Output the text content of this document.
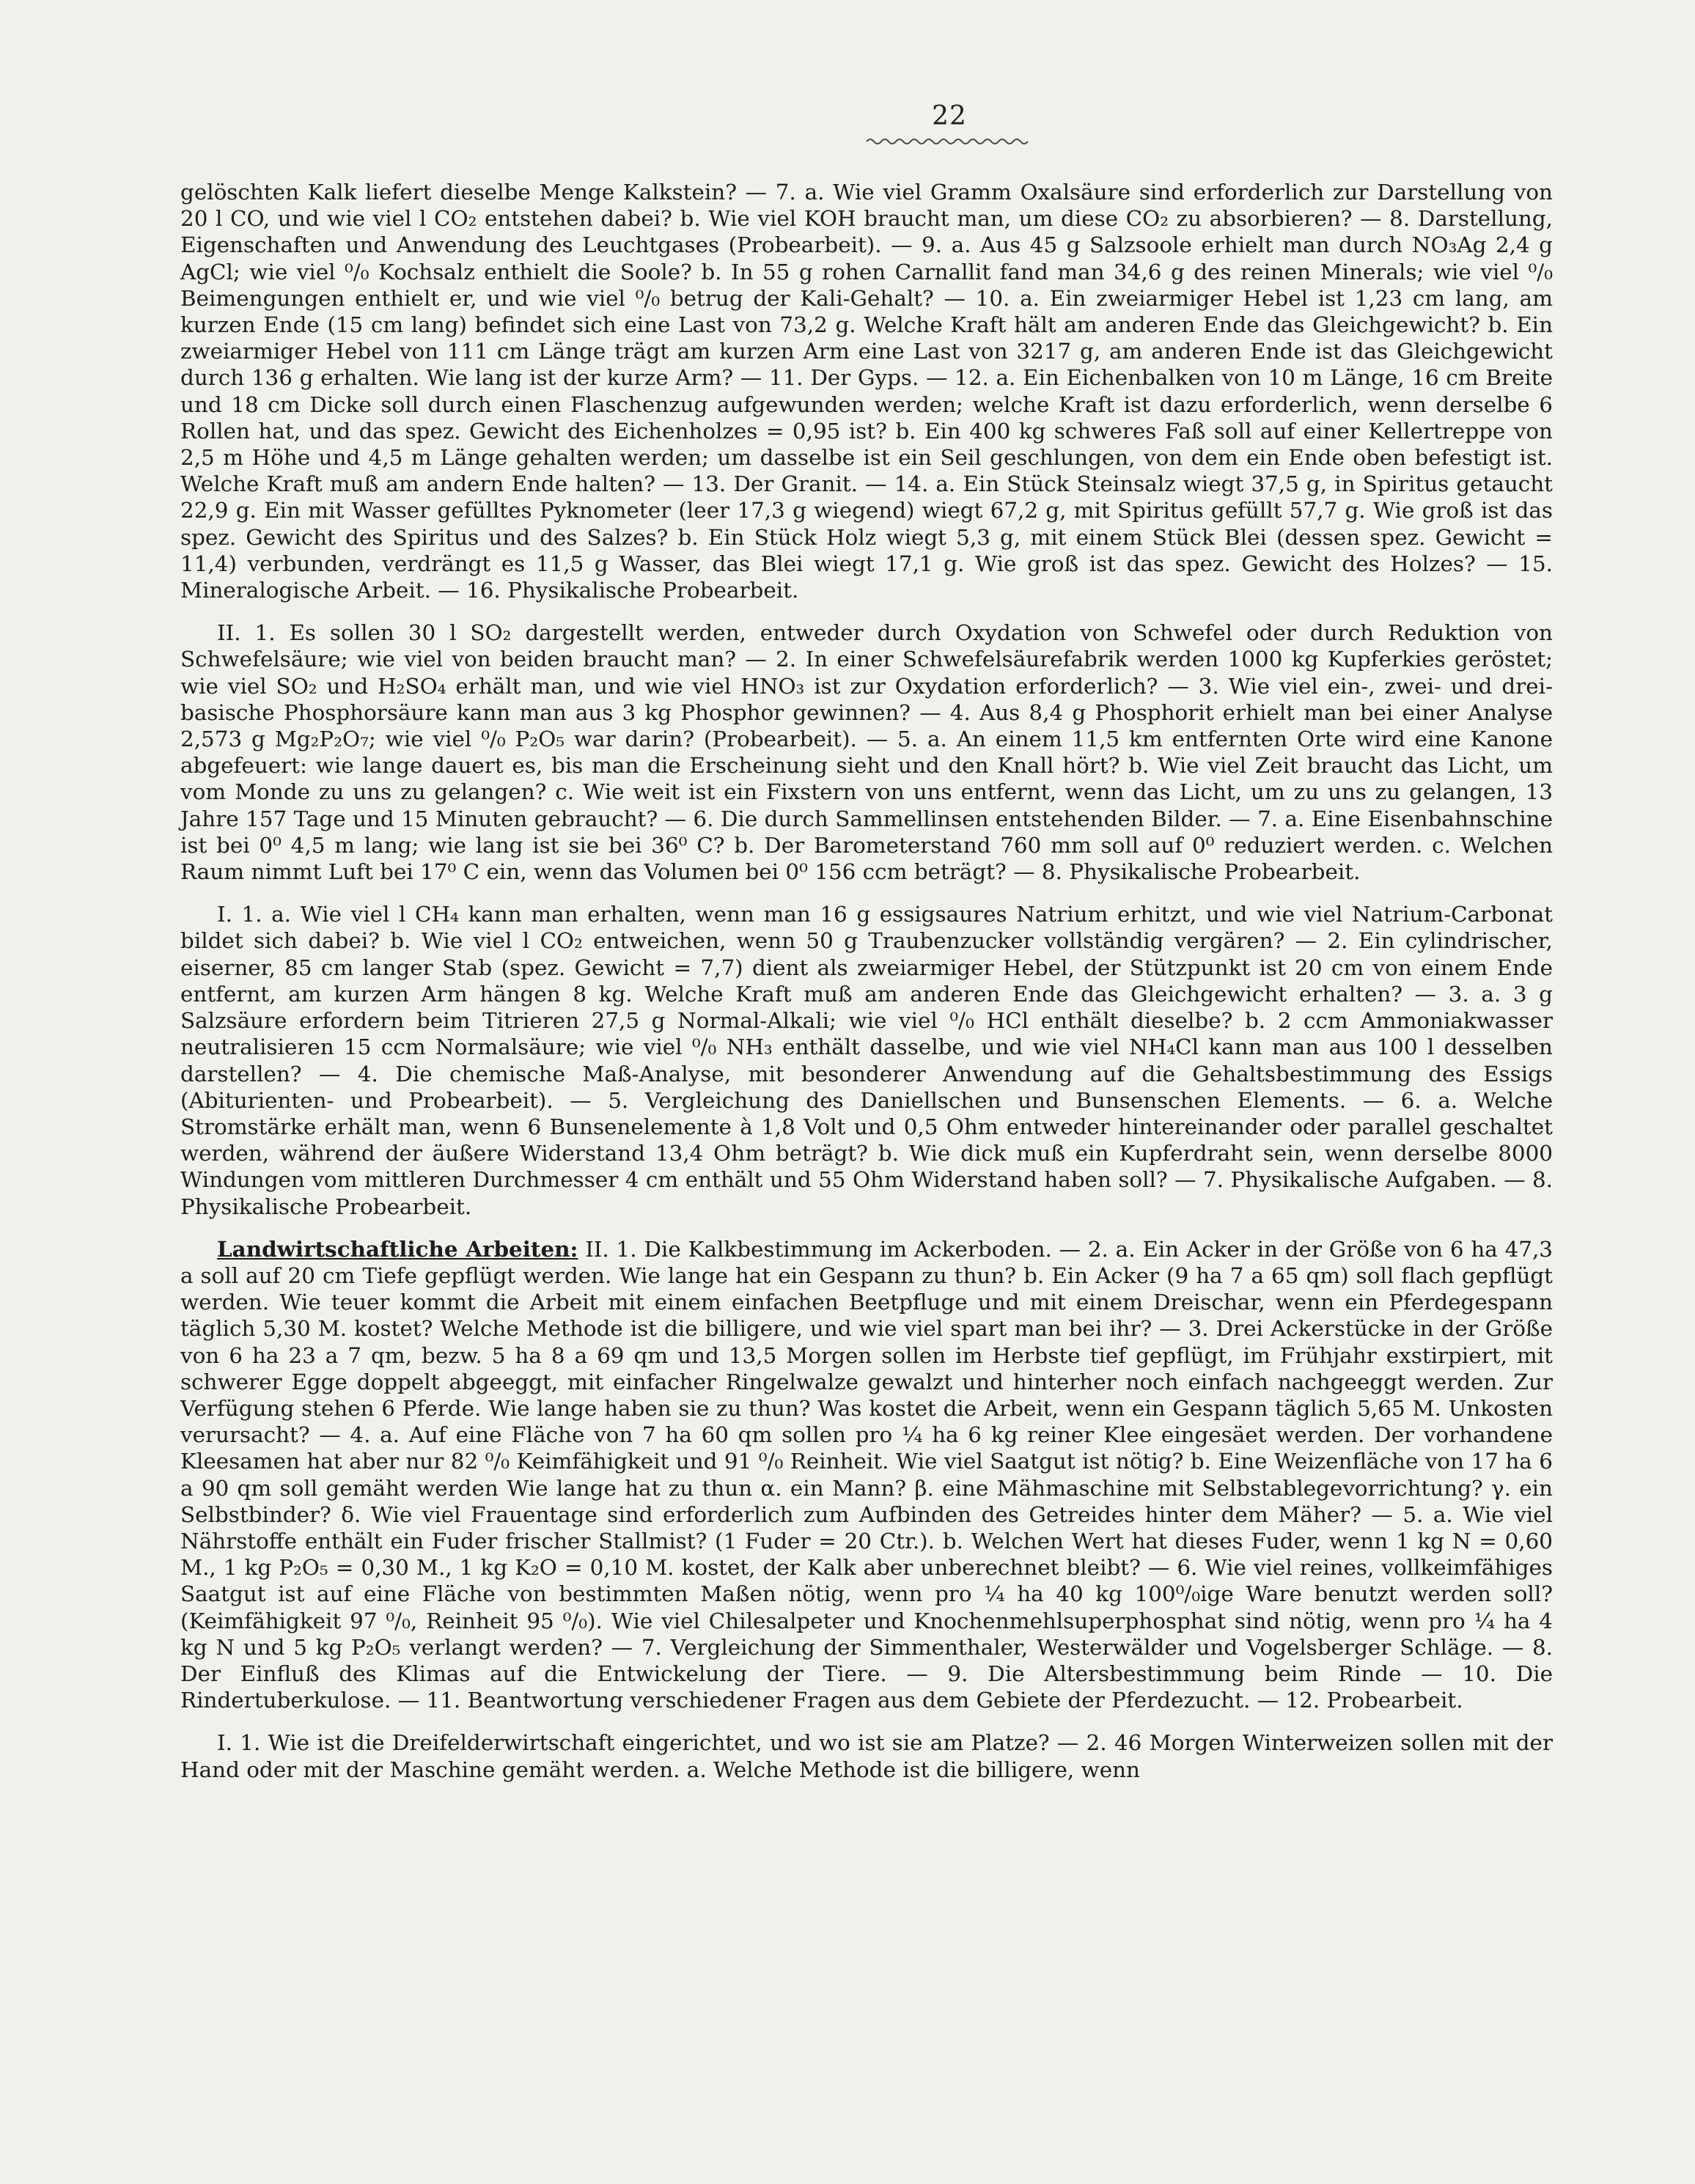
22

gelöschten Kalk liefert dieselbe Menge Kalkstein? — 7. a. Wie viel Gramm Oxalsäure sind erforderlich zur Darstellung von 20 l CO, und wie viel l CO₂ entstehen dabei? b. Wie viel KOH braucht man, um diese CO₂ zu absorbieren? — 8. Darstellung, Eigenschaften und Anwendung des Leuchtgases (Probearbeit). — 9. a. Aus 45 g Salzsoole erhielt man durch NO₃Ag 2,4 g AgCl; wie viel ⁰/₀ Kochsalz enthielt die Soole? b. In 55 g rohen Carnallit fand man 34,6 g des reinen Minerals; wie viel ⁰/₀ Beimengungen enthielt er, und wie viel ⁰/₀ betrug der Kali-Gehalt? — 10. a. Ein zweiarmiger Hebel ist 1,23 cm lang, am kurzen Ende (15 cm lang) befindet sich eine Last von 73,2 g. Welche Kraft hält am anderen Ende das Gleichgewicht? b. Ein zweiarmiger Hebel von 111 cm Länge trägt am kurzen Arm eine Last von 3217 g, am anderen Ende ist das Gleichgewicht durch 136 g erhalten. Wie lang ist der kurze Arm? — 11. Der Gyps. — 12. a. Ein Eichenbalken von 10 m Länge, 16 cm Breite und 18 cm Dicke soll durch einen Flaschenzug aufgewunden werden; welche Kraft ist dazu erforderlich, wenn derselbe 6 Rollen hat, und das spez. Gewicht des Eichenholzes = 0,95 ist? b. Ein 400 kg schweres Faß soll auf einer Kellertreppe von 2,5 m Höhe und 4,5 m Länge gehalten werden; um dasselbe ist ein Seil geschlungen, von dem ein Ende oben befestigt ist. Welche Kraft muß am andern Ende halten? — 13. Der Granit. — 14. a. Ein Stück Steinsalz wiegt 37,5 g, in Spiritus getaucht 22,9 g. Ein mit Wasser gefülltes Pyknometer (leer 17,3 g wiegend) wiegt 67,2 g, mit Spiritus gefüllt 57,7 g. Wie groß ist das spez. Gewicht des Spiritus und des Salzes? b. Ein Stück Holz wiegt 5,3 g, mit einem Stück Blei (dessen spez. Gewicht = 11,4) verbunden, verdrängt es 11,5 g Wasser, das Blei wiegt 17,1 g. Wie groß ist das spez. Gewicht des Holzes? — 15. Mineralogische Arbeit. — 16. Physikalische Probearbeit.

II. 1. Es sollen 30 l SO₂ dargestellt werden, entweder durch Oxydation von Schwefel oder durch Reduktion von Schwefelsäure; wie viel von beiden braucht man? — 2. In einer Schwefelsäurefabrik werden 1000 kg Kupferkies geröstet; wie viel SO₂ und H₂SO₄ erhält man, und wie viel HNO₃ ist zur Oxydation erforderlich? — 3. Wie viel ein-, zwei- und drei-basische Phosphorsäure kann man aus 3 kg Phosphor gewinnen? — 4. Aus 8,4 g Phosphorit erhielt man bei einer Analyse 2,573 g Mg₂P₂O₇; wie viel ⁰/₀ P₂O₅ war darin? (Probearbeit). — 5. a. An einem 11,5 km entfernten Orte wird eine Kanone abgefeuert: wie lange dauert es, bis man die Erscheinung sieht und den Knall hört? b. Wie viel Zeit braucht das Licht, um vom Monde zu uns zu gelangen? c. Wie weit ist ein Fixstern von uns entfernt, wenn das Licht, um zu uns zu gelangen, 13 Jahre 157 Tage und 15 Minuten gebraucht? — 6. Die durch Sammellinsen entstehenden Bilder. — 7. a. Eine Eisenbahnschine ist bei 0⁰ 4,5 m lang; wie lang ist sie bei 36⁰ C? b. Der Barometerstand 760 mm soll auf 0⁰ reduziert werden. c. Welchen Raum nimmt Luft bei 17⁰ C ein, wenn das Volumen bei 0⁰ 156 ccm beträgt? — 8. Physikalische Probearbeit.

I. 1. a. Wie viel l CH₄ kann man erhalten, wenn man 16 g essigsaures Natrium erhitzt, und wie viel Natrium-Carbonat bildet sich dabei? b. Wie viel l CO₂ entweichen, wenn 50 g Traubenzucker vollständig vergären? — 2. Ein cylindrischer, eiserner, 85 cm langer Stab (spez. Gewicht = 7,7) dient als zweiarmiger Hebel, der Stützpunkt ist 20 cm von einem Ende entfernt, am kurzen Arm hängen 8 kg. Welche Kraft muß am anderen Ende das Gleichgewicht erhalten? — 3. a. 3 g Salzsäure erfordern beim Titrieren 27,5 g Normal-Alkali; wie viel ⁰/₀ HCl enthält dieselbe? b. 2 ccm Ammoniakwasser neutralisieren 15 ccm Normalsäure; wie viel ⁰/₀ NH₃ enthält dasselbe, und wie viel NH₄Cl kann man aus 100 l desselben darstellen? — 4. Die chemische Maß-Analyse, mit besonderer Anwendung auf die Gehaltsbestimmung des Essigs (Abiturienten- und Probearbeit). — 5. Vergleichung des Daniellschen und Bunsenschen Elements. — 6. a. Welche Stromstärke erhält man, wenn 6 Bunsenelemente à 1,8 Volt und 0,5 Ohm entweder hintereinander oder parallel geschaltet werden, während der äußere Widerstand 13,4 Ohm beträgt? b. Wie dick muß ein Kupferdraht sein, wenn derselbe 8000 Windungen vom mittleren Durchmesser 4 cm enthält und 55 Ohm Widerstand haben soll? — 7. Physikalische Aufgaben. — 8. Physikalische Probearbeit.

Landwirtschaftliche Arbeiten: II. 1. Die Kalkbestimmung im Ackerboden. — 2. a. Ein Acker in der Größe von 6 ha 47,3 a soll auf 20 cm Tiefe gepflügt werden. Wie lange hat ein Gespann zu thun? b. Ein Acker (9 ha 7 a 65 qm) soll flach gepflügt werden. Wie teuer kommt die Arbeit mit einem einfachen Beetpfluge und mit einem Dreischar, wenn ein Pferdegespann täglich 5,30 M. kostet? Welche Methode ist die billigere, und wie viel spart man bei ihr? — 3. Drei Ackerstücke in der Größe von 6 ha 23 a 7 qm, bezw. 5 ha 8 a 69 qm und 13,5 Morgen sollen im Herbste tief gepflügt, im Frühjahr exstirpiert, mit schwerer Egge doppelt abgeeggt, mit einfacher Ringelwalze gewalzt und hinterher noch einfach nachgeeggt werden. Zur Verfügung stehen 6 Pferde. Wie lange haben sie zu thun? Was kostet die Arbeit, wenn ein Gespann täglich 5,65 M. Unkosten verursacht? — 4. a. Auf eine Fläche von 7 ha 60 qm sollen pro ¼ ha 6 kg reiner Klee eingesäet werden. Der vorhandene Kleesamen hat aber nur 82 ⁰/₀ Keimfähigkeit und 91 ⁰/₀ Reinheit. Wie viel Saatgut ist nötig? b. Eine Weizenfläche von 17 ha 6 a 90 qm soll gemäht werden Wie lange hat zu thun α. ein Mann? β. eine Mähmaschine mit Selbstablegevorrichtung? γ. ein Selbstbinder? δ. Wie viel Frauentage sind erforderlich zum Aufbinden des Getreides hinter dem Mäher? — 5. a. Wie viel Nährstoffe enthält ein Fuder frischer Stallmist? (1 Fuder = 20 Ctr.). b. Welchen Wert hat dieses Fuder, wenn 1 kg N = 0,60 M., 1 kg P₂O₅ = 0,30 M., 1 kg K₂O = 0,10 M. kostet, der Kalk aber unberechnet bleibt? — 6. Wie viel reines, vollkeimfähiges Saatgut ist auf eine Fläche von bestimmten Maßen nötig, wenn pro ¼ ha 40 kg 100⁰/₀ige Ware benutzt werden soll? (Keimfähigkeit 97 ⁰/₀, Reinheit 95 ⁰/₀). Wie viel Chilesalpeter und Knochenmehlsuperphosphat sind nötig, wenn pro ¼ ha 4 kg N und 5 kg P₂O₅ verlangt werden? — 7. Vergleichung der Simmenthaler, Westerwälder und Vogelsberger Schläge. — 8. Der Einfluß des Klimas auf die Entwickelung der Tiere. — 9. Die Altersbestimmung beim Rinde — 10. Die Rindertuberkulose. — 11. Beantwortung verschiedener Fragen aus dem Gebiete der Pferdezucht. — 12. Probearbeit.

I. 1. Wie ist die Dreifelderwirtschaft eingerichtet, und wo ist sie am Platze? — 2. 46 Morgen Winterweizen sollen mit der Hand oder mit der Maschine gemäht werden. a. Welche Methode ist die billigere, wenn
